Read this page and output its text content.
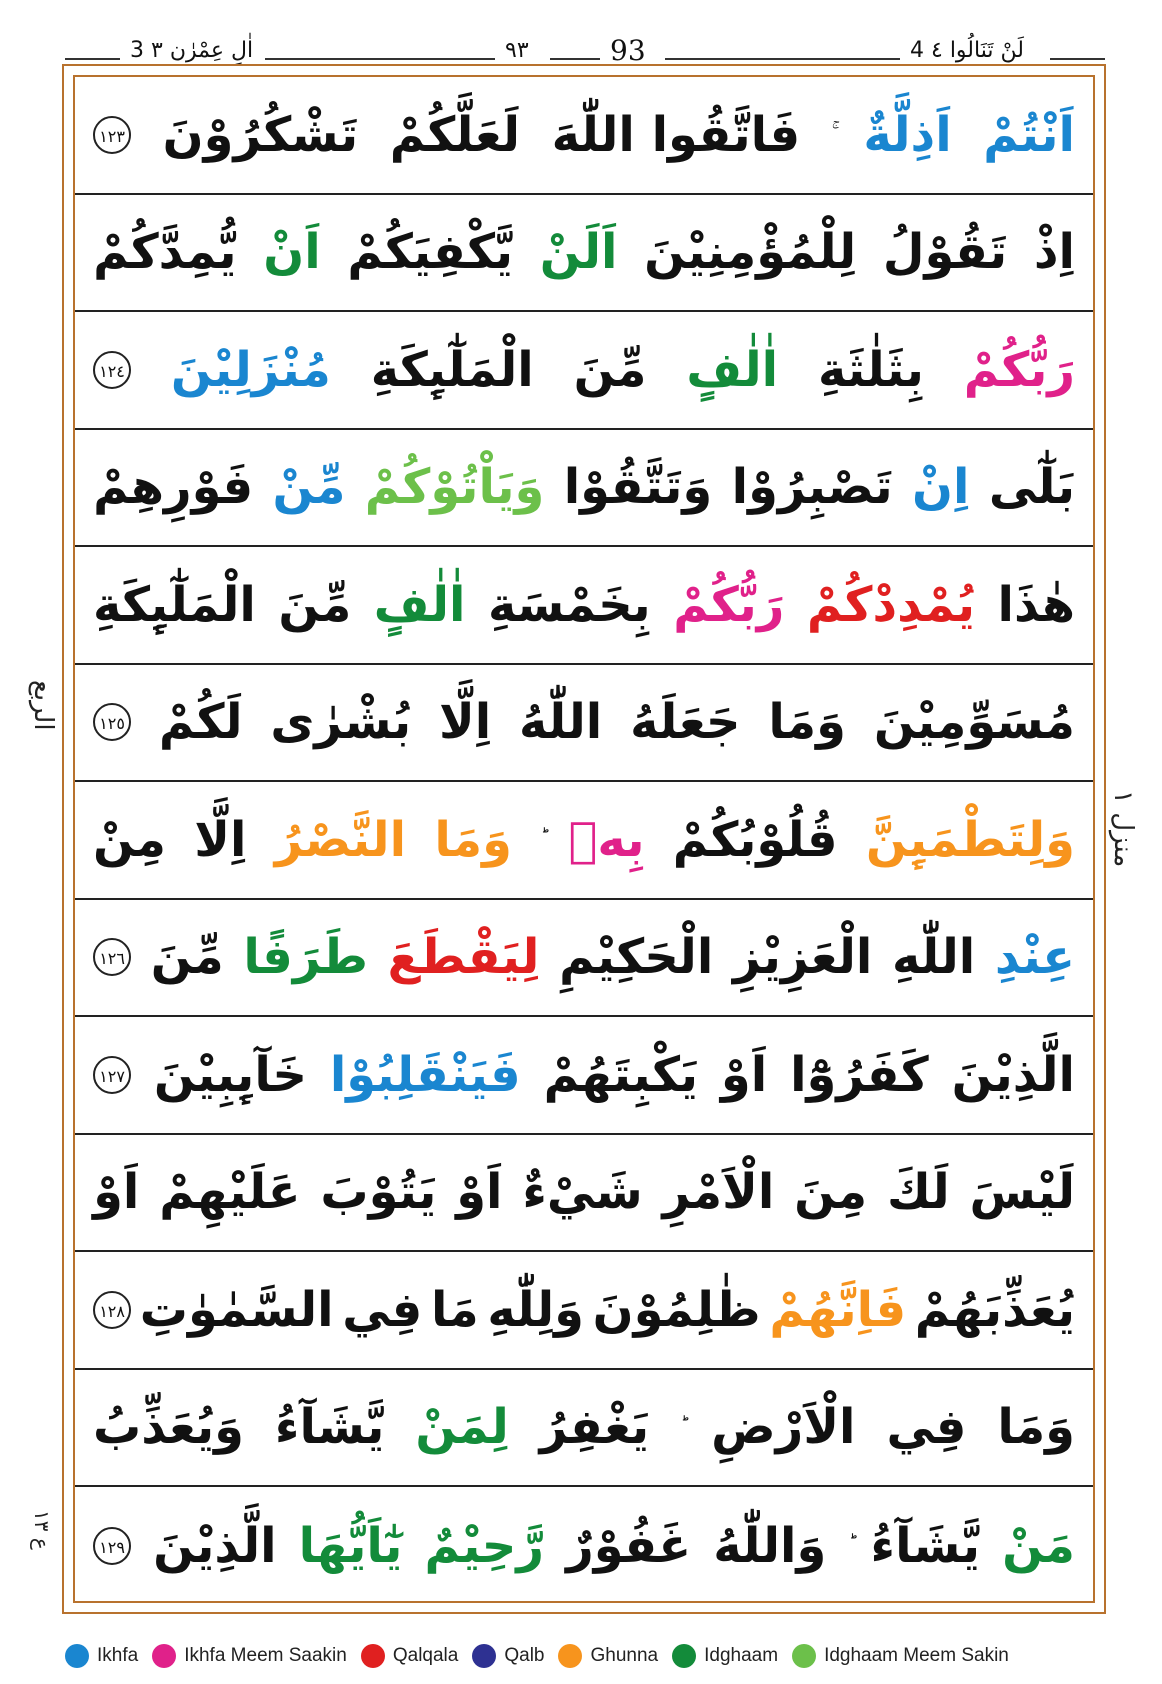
3 اٰلِ عِمْرٰن ٣	٩٣	93	4 لَنْ تَنَالُوا ٤
اَنْتُمْ
اَذِلَّةٌ
فَاتَّقُوا اللّٰهَ
لَعَلَّكُمْ
تَشْكُرُوْنَ
١٢٣
اِذْ
تَقُوْلُ
لِلْمُؤْمِنِيْنَ
اَلَنْ
يَّكْفِيَكُمْ
اَنْ
يُّمِدَّكُمْ
رَبُّكُمْ
بِثَلٰثَةِ
اٰلٰفٍ
مِّنَ
الْمَلٰٓىِٕكَةِ
مُنْزَلِيْنَ
١٢٤
بَلٰٓى
اِنْ
تَصْبِرُوْا
وَتَتَّقُوْا
وَيَاْتُوْكُمْ
مِّنْ
فَوْرِهِمْ
هٰذَا
يُمْدِدْكُمْ
رَبُّكُمْ
بِخَمْسَةِ
اٰلٰفٍ
مِّنَ
الْمَلٰٓىِٕكَةِ
مُسَوِّمِيْنَ
وَمَا
جَعَلَهُ
اللّٰهُ
اِلَّا
بُشْرٰى
لَكُمْ
١٢٥
وَلِتَطْمَىِٕنَّ
قُلُوْبُكُمْ
بِهٖ
وَمَا
النَّصْرُ
اِلَّا
مِنْ
عِنْدِ
اللّٰهِ
الْعَزِيْزِ
الْحَكِيْمِ
لِيَقْطَعَ
طَرَفًا
مِّنَ
١٢٦
الَّذِيْنَ
كَفَرُوْٓا
اَوْ
يَكْبِتَهُمْ
فَيَنْقَلِبُوْا
خَآىِٕبِيْنَ
١٢٧
لَيْسَ
لَكَ
مِنَ
الْاَمْرِ
شَيْءٌ
اَوْ
يَتُوْبَ
عَلَيْهِمْ
اَوْ
يُعَذِّبَهُمْ
فَاِنَّهُمْ
ظٰلِمُوْنَ
وَلِلّٰهِ
مَا
فِي
السَّمٰوٰتِ
١٢٨
وَمَا
فِي
الْاَرْضِ
يَغْفِرُ
لِمَنْ
يَّشَآءُ
وَيُعَذِّبُ
مَنْ
يَّشَآءُ
وَاللّٰهُ
غَفُوْرٌ
رَّحِيْمٌ
يٰٓاَيُّهَا
الَّذِيْنَ
١٢٩
الربع
منزل ١
ع ١٣
Ikhfa Ikhfa Meem Saakin Qalqala Qalb Ghunna Idghaam Idghaam Meem Sakin
